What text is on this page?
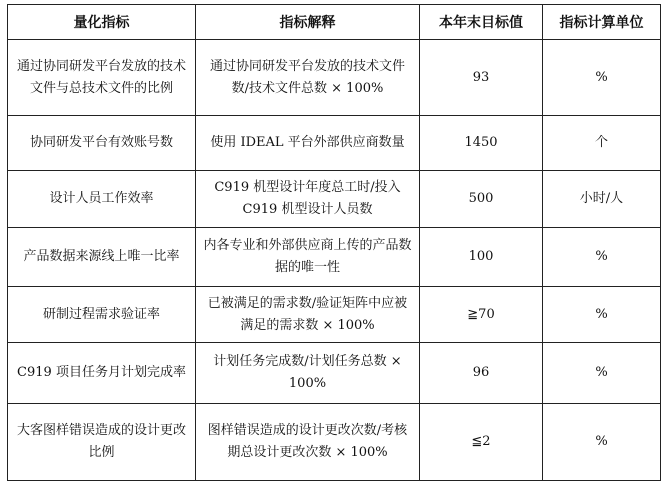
量化指标	指标解释	本年末目标值	指标计算单位
通过协同研发平台发放的技术文件与总技术文件的比例	通过协同研发平台发放的技术文件数/技术文件总数 × 100%	93	%
协同研发平台有效账号数	使用 IDEAL 平台外部供应商数量	1450	个
设计人员工作效率	C919 机型设计年度总工时/投入 C919 机型设计人员数	500	小时/人
产品数据来源线上唯一比率	内各专业和外部供应商上传的产品数据的唯一性	100	%
研制过程需求验证率	已被满足的需求数/验证矩阵中应被满足的需求数 × 100%	≧70	%
C919 项目任务月计划完成率	计划任务完成数/计划任务总数 × 100%	96	%
大客图样错误造成的设计更改比例	图样错误造成的设计更改次数/考核期总设计更改次数 × 100%	≦2	%
